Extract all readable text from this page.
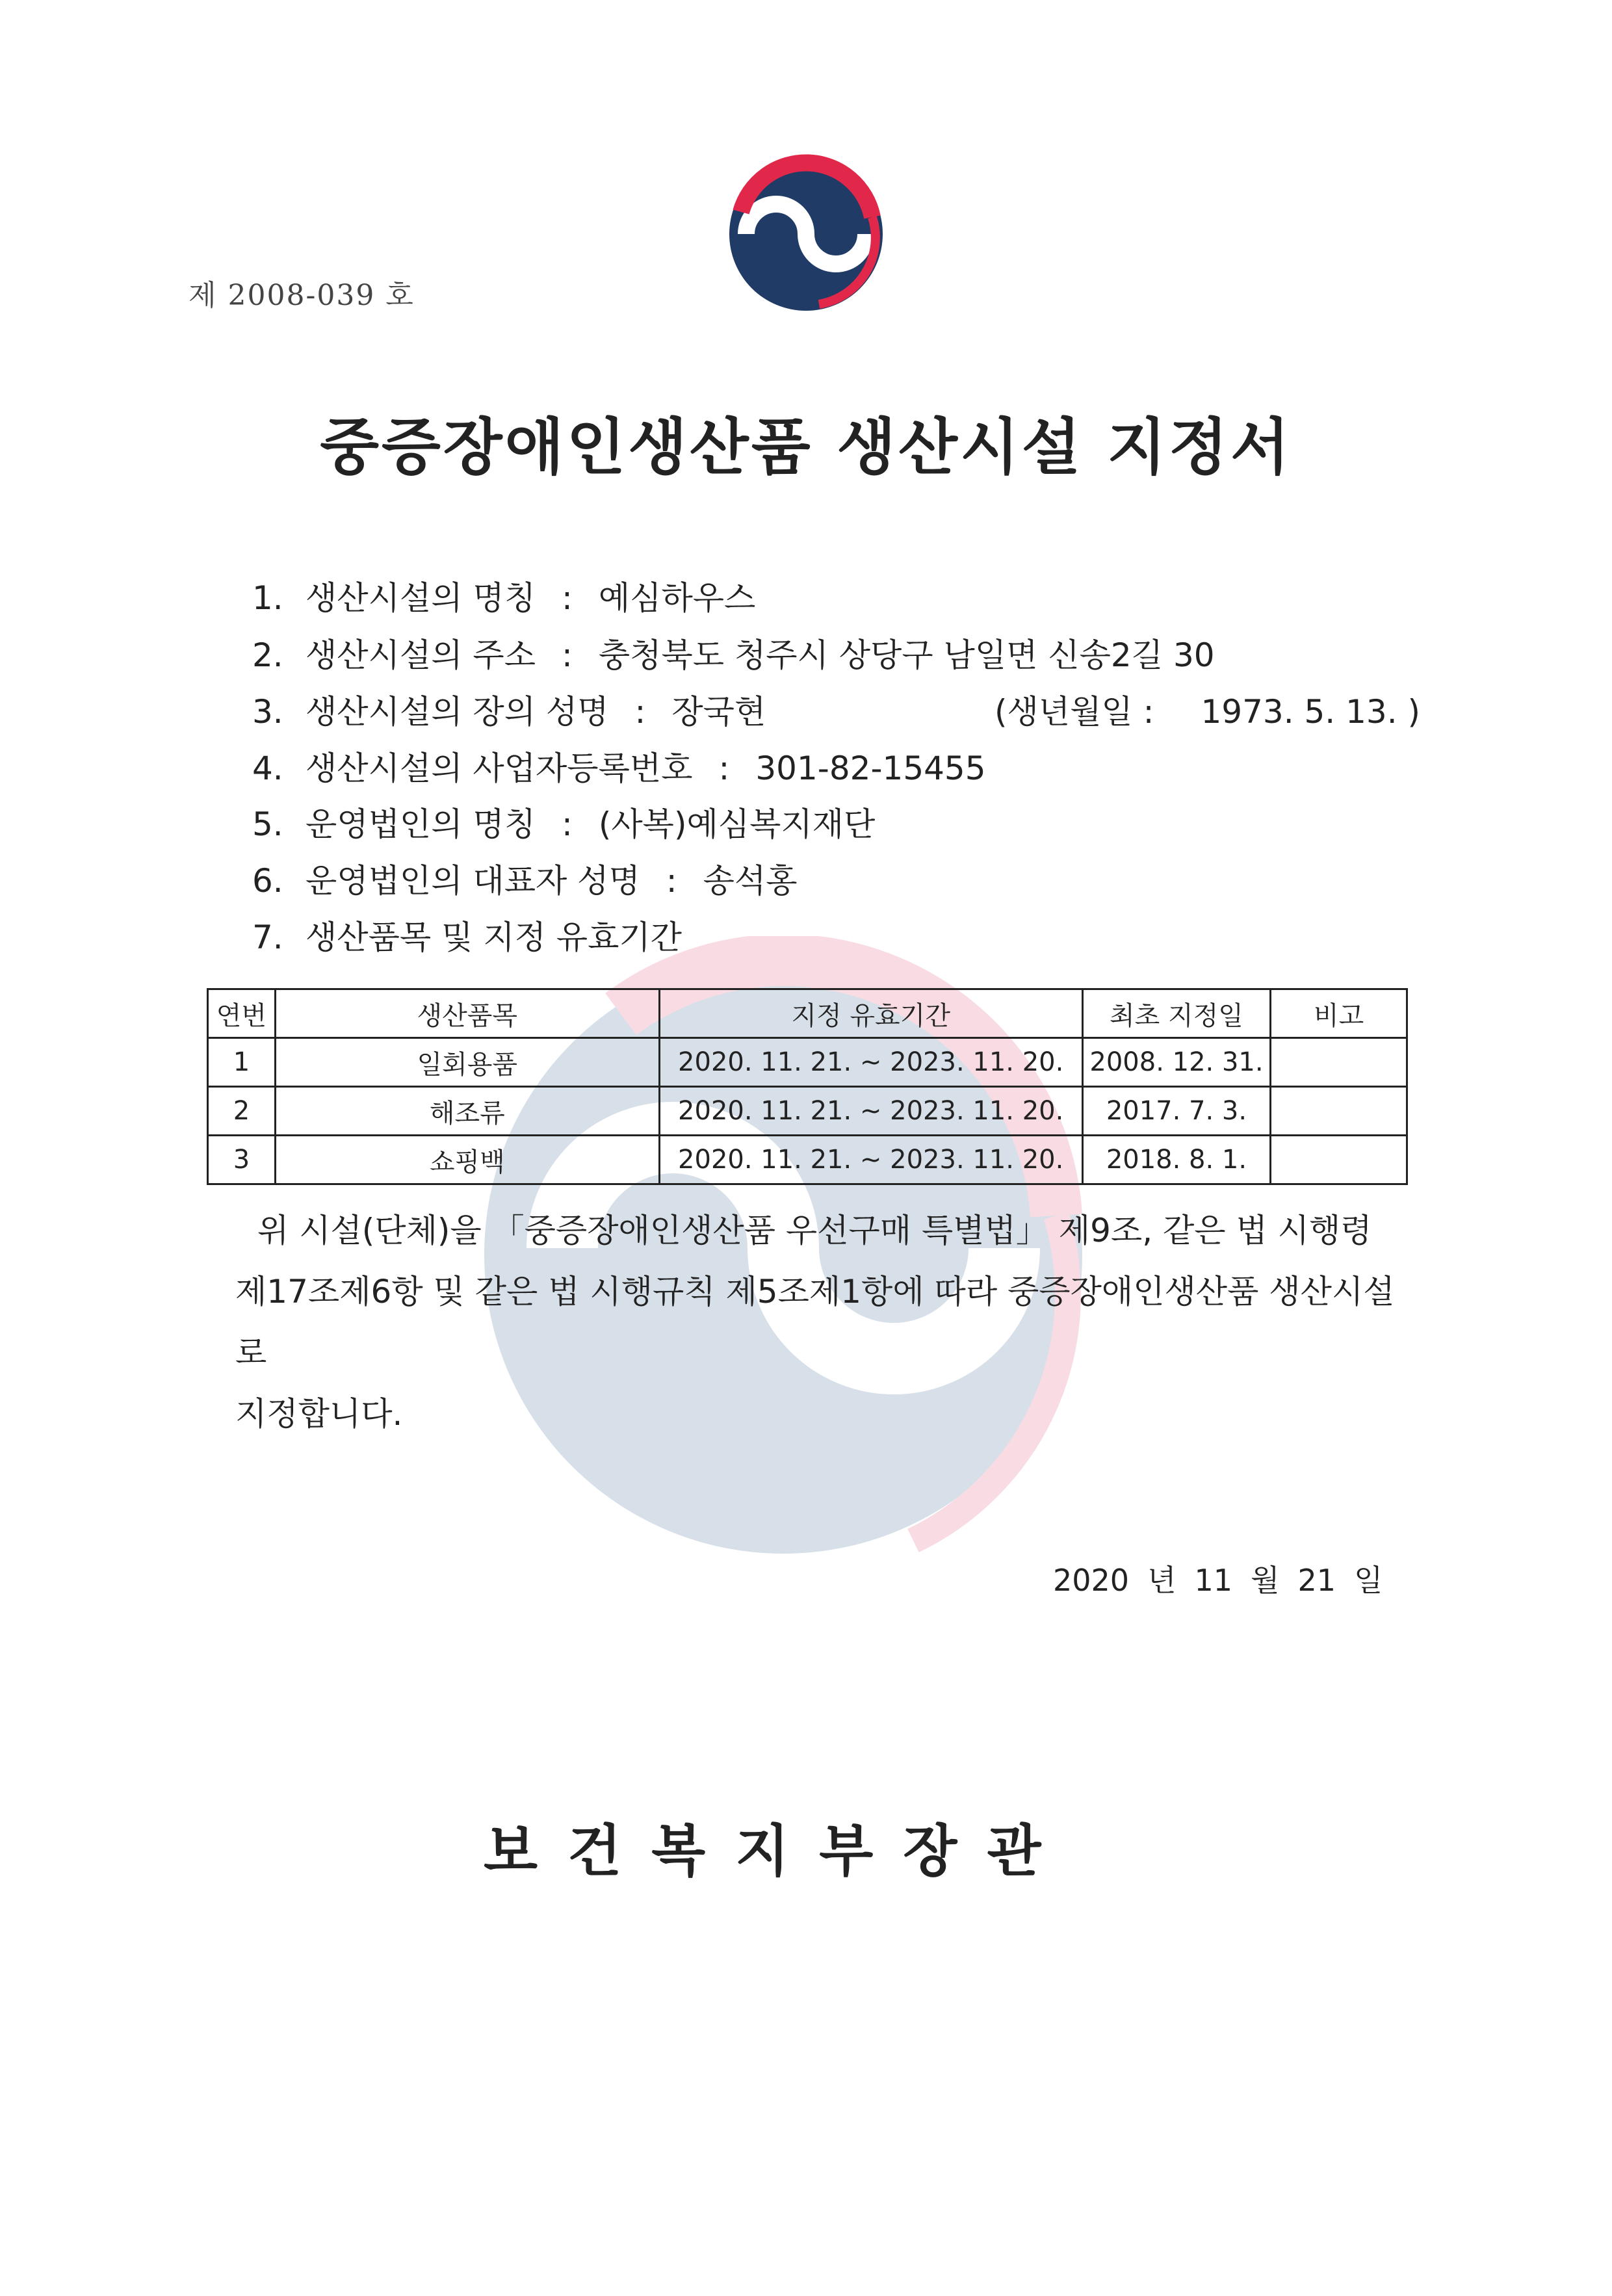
제 2008-039 호
중증장애인생산품 생산시설 지정서
1. 생산시설의 명칭 : 예심하우스
2. 생산시설의 주소 : 충청북도 청주시 상당구 남일면 신송2길 30
3. 생산시설의 장의 성명 : 장국현	(생년월일 : 1973. 5. 13. )
4. 생산시설의 사업자등록번호 : 301-82-15455
5. 운영법인의 명칭 : (사복)예심복지재단
6. 운영법인의 대표자 성명 : 송석홍
7. 생산품목 및 지정 유효기간
연번	생산품목	지정 유효기간	최초 지정일	비고
1	일회용품	2020. 11. 21. ~ 2023. 11. 20.	2008. 12. 31.	
2	해조류	2020. 11. 21. ~ 2023. 11. 20.	2017. 7. 3.	
3	쇼핑백	2020. 11. 21. ~ 2023. 11. 20.	2018. 8. 1.	

위 시설(단체)을 「중증장애인생산품 우선구매 특별법」 제9조, 같은 법 시행령

제17조제6항 및 같은 법 시행규칙 제5조제1항에 따라 중증장애인생산품 생산시설로

지정합니다.

2020 년 11 월 21 일
보건복지부장관
